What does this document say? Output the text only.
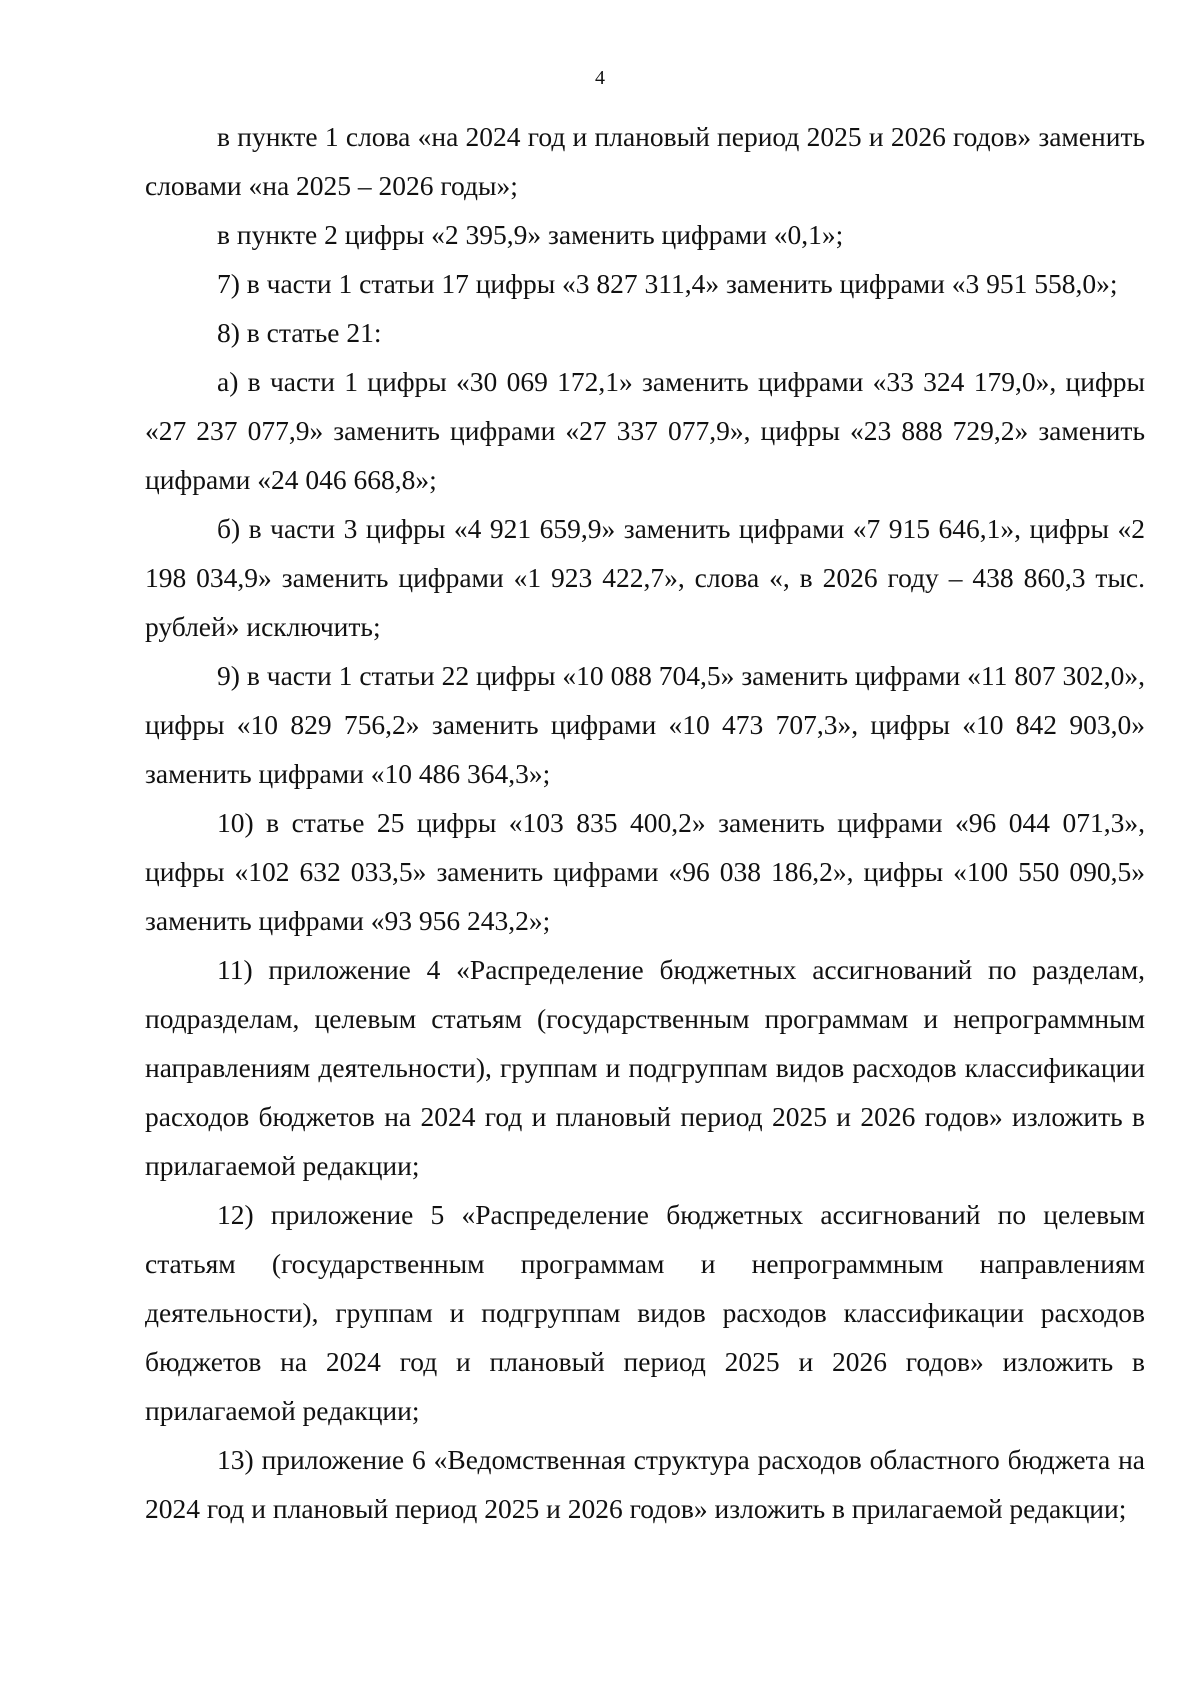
4

в пункте 1 слова «на 2024 год и плановый период 2025 и 2026 годов» заменить словами «на 2025 – 2026 годы»;

в пункте 2 цифры «2 395,9» заменить цифрами «0,1»;

7) в части 1 статьи 17 цифры «3 827 311,4» заменить цифрами «3 951 558,0»;

8) в статье 21:

а) в части 1 цифры «30 069 172,1» заменить цифрами «33 324 179,0», цифры «27 237 077,9» заменить цифрами «27 337 077,9», цифры «23 888 729,2» заменить цифрами «24 046 668,8»;

б) в части 3 цифры «4 921 659,9» заменить цифрами «7 915 646,1», цифры «2 198 034,9» заменить цифрами «1 923 422,7», слова «, в 2026 году – 438 860,3 тыс. рублей» исключить;

9) в части 1 статьи 22 цифры «10 088 704,5» заменить цифрами «11 807 302,0», цифры «10 829 756,2» заменить цифрами «10 473 707,3», цифры «10 842 903,0» заменить цифрами «10 486 364,3»;

10) в статье 25 цифры «103 835 400,2» заменить цифрами «96 044 071,3», цифры «102 632 033,5» заменить цифрами «96 038 186,2», цифры «100 550 090,5» заменить цифрами «93 956 243,2»;

11) приложение 4 «Распределение бюджетных ассигнований по разделам, подразделам, целевым статьям (государственным программам и непрограммным направлениям деятельности), группам и подгруппам видов расходов классификации расходов бюджетов на 2024 год и плановый период 2025 и 2026 годов» изложить в прилагаемой редакции;

12) приложение 5 «Распределение бюджетных ассигнований по целевым статьям (государственным программам и непрограммным направлениям деятельности), группам и подгруппам видов расходов классификации расходов бюджетов на 2024 год и плановый период 2025 и 2026 годов» изложить в прилагаемой редакции;

13) приложение 6 «Ведомственная структура расходов областного бюджета на 2024 год и плановый период 2025 и 2026 годов» изложить в прилагаемой редакции;
